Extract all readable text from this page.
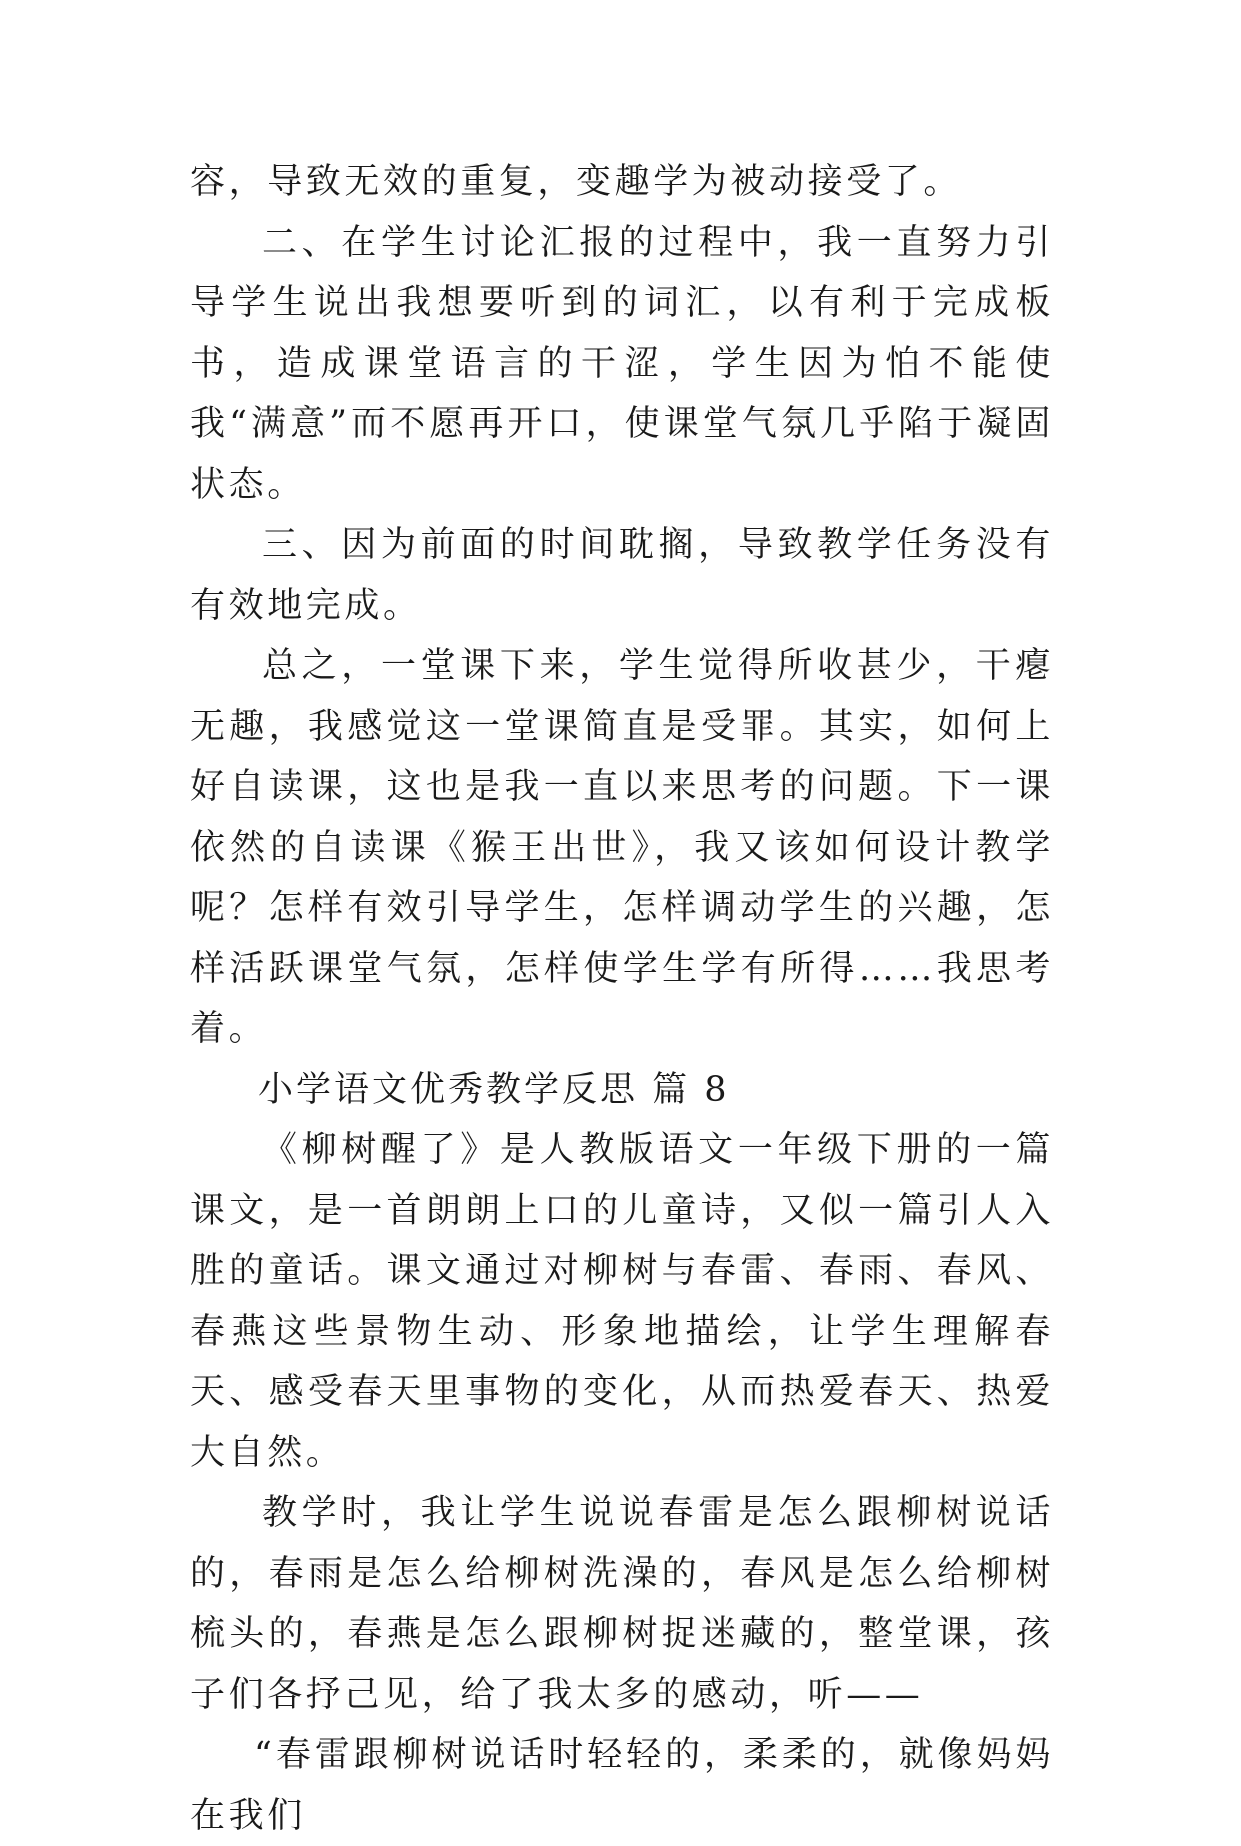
容，导致无效的重复，变趣学为被动接受了。

二、在学生讨论汇报的过程中，我一直努力引导学生说出我想要听到的词汇，以有利于完成板书，造成课堂语言的干涩，学生因为怕不能使我“满意”而不愿再开口，使课堂气氛几乎陷于凝固状态。

三、因为前面的时间耽搁，导致教学任务没有有效地完成。

总之，一堂课下来，学生觉得所收甚少，干瘪无趣，我感觉这一堂课简直是受罪。其实，如何上好自读课，这也是我一直以来思考的问题。下一课依然的自读课《猴王出世》，我又该如何设计教学呢？怎样有效引导学生，怎样调动学生的兴趣，怎样活跃课堂气氛，怎样使学生学有所得……我思考着。

小学语文优秀教学反思 篇 8

《柳树醒了》是人教版语文一年级下册的一篇课文，是一首朗朗上口的儿童诗，又似一篇引人入胜的童话。课文通过对柳树与春雷、春雨、春风、春燕这些景物生动、形象地描绘，让学生理解春天、感受春天里事物的变化，从而热爱春天、热爱大自然。

教学时，我让学生说说春雷是怎么跟柳树说话的，春雨是怎么给柳树洗澡的，春风是怎么给柳树梳头的，春燕是怎么跟柳树捉迷藏的，整堂课，孩子们各抒己见，给了我太多的感动，听——

“春雷跟柳树说话时轻轻的，柔柔的，就像妈妈在我们
